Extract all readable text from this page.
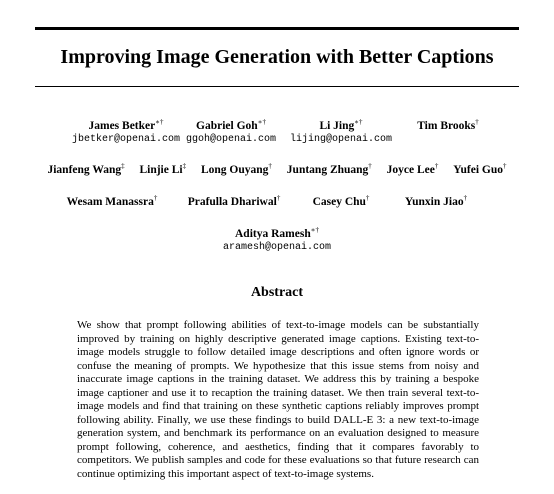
Improving Image Generation with Better Captions
James Betker∗†
jbetker@openai.com
Gabriel Goh∗†
ggoh@openai.com
Li Jing∗†
lijing@openai.com
Tim Brooks†
Jianfeng Wang‡ Linjie Li‡ Long Ouyang† Juntang Zhuang† Joyce Lee† Yufei Guo†
Wesam Manassra†	Prafulla Dhariwal†	Casey Chu†	Yunxin Jiao†
Aditya Ramesh∗†
aramesh@openai.com
Abstract
We show that prompt following abilities of text-to-image models can be substantially improved by training on highly descriptive generated image captions. Existing text-to-image models struggle to follow detailed image descriptions and often ignore words or confuse the meaning of prompts. We hypothesize that this issue stems from noisy and inaccurate image captions in the training dataset. We address this by training a bespoke image captioner and use it to recaption the training dataset. We then train several text-to-image models and find that training on these synthetic captions reliably improves prompt following ability. Finally, we use these findings to build DALL-E 3: a new text-to-image generation system, and benchmark its performance on an evaluation designed to measure prompt following, coherence, and aesthetics, finding that it compares favorably to competitors. We publish samples and code for these evaluations so that future research can continue optimizing this important aspect of text-to-image systems.
